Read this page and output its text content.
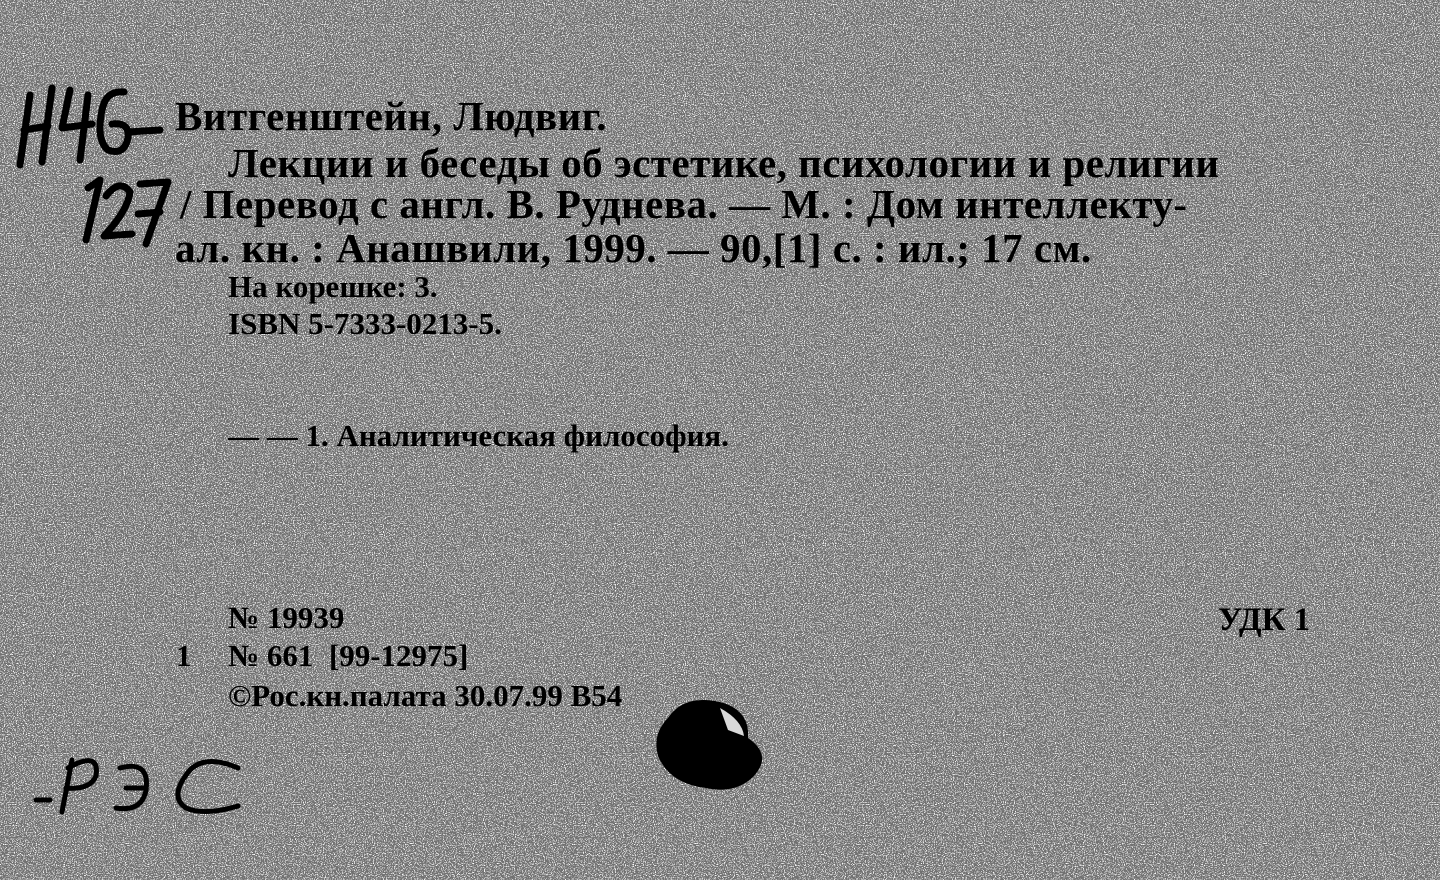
Витгенштейн, Людвиг.
Лекции и беседы об эстетике, психологии и религии
/ Перевод с англ. В. Руднева. — М. : Дом интеллекту-
ал. кн. : Анашвили, 1999. — 90,[1] с. : ил.; 17 см.
На корешке: 3.
ISBN 5-7333-0213-5.
— — 1. Аналитическая философия.
№ 19939
1 № 661  [99-12975]
©Рос.кн.палата 30.07.99 В54
УДК 1
